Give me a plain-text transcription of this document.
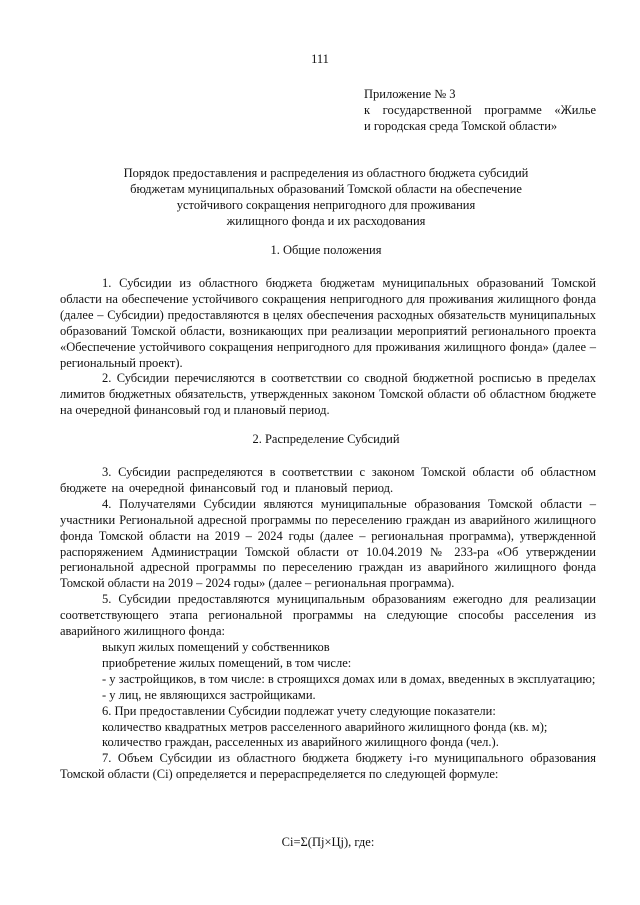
111
Приложение № 3
к государственной программе «Жилье
и городская среда Томской области»
Порядок предоставления и распределения из областного бюджета субсидий
бюджетам муниципальных образований Томской области на обеспечение
устойчивого сокращения непригодного для проживания
жилищного фонда и их расходования
1. Общие положения

1. Субсидии из областного бюджета бюджетам муниципальных образований Томской области на обеспечение устойчивого сокращения непригодного для проживания жилищного фонда (далее – Субсидии) предоставляются в целях обеспечения расходных обязательств муниципальных образований Томской области, возникающих при реализации мероприятий регионального проекта «Обеспечение устойчивого сокращения непригодного для проживания жилищного фонда» (далее – региональный проект).

2. Субсидии перечисляются в соответствии со сводной бюджетной росписью в пределах лимитов бюджетных обязательств, утвержденных законом Томской области об областном бюджете на очередной финансовый год и плановый период.

2. Распределение Субсидий

3. Субсидии распределяются в соответствии с законом Томской области об областном бюджете на очередной финансовый год и плановый период.

4. Получателями Субсидии являются муниципальные образования Томской области – участники Региональной адресной программы по переселению граждан из аварийного жилищного фонда Томской области на 2019 – 2024 годы (далее – региональная программа), утвержденной распоряжением Администрации Томской области от 10.04.2019 № 233-ра «Об утверждении региональной адресной программы по переселению граждан из аварийного жилищного фонда Томской области на 2019 – 2024 годы» (далее – региональная программа).

5. Субсидии предоставляются муниципальным образованиям ежегодно для реализации соответствующего этапа региональной программы на следующие способы расселения из аварийного жилищного фонда:

выкуп жилых помещений у собственников

приобретение жилых помещений, в том числе:

- у застройщиков, в том числе: в строящихся домах или в домах, введенных в эксплуатацию;

- у лиц, не являющихся застройщиками.

6. При предоставлении Субсидии подлежат учету следующие показатели:

количество квадратных метров расселенного аварийного жилищного фонда (кв. м);

количество граждан, расселенных из аварийного жилищного фонда (чел.).

7. Объем Субсидии из областного бюджета бюджету i-го муниципального образования Томской области (Ci) определяется и перераспределяется по следующей формуле:

Ci=Σ(Пj×Цj), где:
